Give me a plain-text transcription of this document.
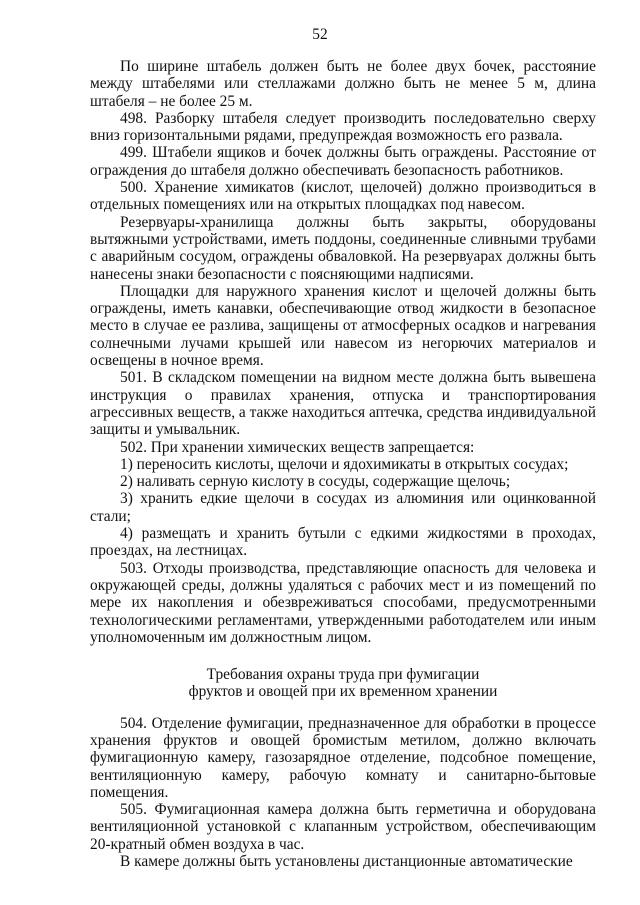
52

По ширине штабель должен быть не более двух бочек, расстояние между штабелями или стеллажами должно быть не менее 5 м, длина штабеля – не более 25 м.

498. Разборку штабеля следует производить последовательно сверху вниз горизонтальными рядами, предупреждая возможность его развала.

499. Штабели ящиков и бочек должны быть ограждены. Расстояние от ограждения до штабеля должно обеспечивать безопасность работников.

500. Хранение химикатов (кислот, щелочей) должно производиться в отдельных помещениях или на открытых площадках под навесом.

Резервуары-хранилища должны быть закрыты, оборудованы вытяжными устройствами, иметь поддоны, соединенные сливными трубами с аварийным сосудом, ограждены обваловкой. На резервуарах должны быть нанесены знаки безопасности с поясняющими надписями.

Площадки для наружного хранения кислот и щелочей должны быть ограждены, иметь канавки, обеспечивающие отвод жидкости в безопасное место в случае ее разлива, защищены от атмосферных осадков и нагревания солнечными лучами крышей или навесом из негорючих материалов и освещены в ночное время.

501. В складском помещении на видном месте должна быть вывешена инструкция о правилах хранения, отпуска и транспортирования агрессивных веществ, а также находиться аптечка, средства индивидуальной защиты и умывальник.

502. При хранении химических веществ запрещается:

1) переносить кислоты, щелочи и ядохимикаты в открытых сосудах;

2) наливать серную кислоту в сосуды, содержащие щелочь;

3) хранить едкие щелочи в сосудах из алюминия или оцинкованной стали;

4) размещать и хранить бутыли с едкими жидкостями в проходах, проездах, на лестницах.

503. Отходы производства, представляющие опасность для человека и окружающей среды, должны удаляться с рабочих мест и из помещений по мере их накопления и обезвреживаться способами, предусмотренными технологическими регламентами, утвержденными работодателем или иным уполномоченным им должностным лицом.

Требования охраны труда при фумигации
фруктов и овощей при их временном хранении

504. Отделение фумигации, предназначенное для обработки в процессе хранения фруктов и овощей бромистым метилом, должно включать фумигационную камеру, газозарядное отделение, подсобное помещение, вентиляционную камеру, рабочую комнату и санитарно-бытовые помещения.

505. Фумигационная камера должна быть герметична и оборудована вентиляционной установкой с клапанным устройством, обеспечивающим 20-кратный обмен воздуха в час.

В камере должны быть установлены дистанционные автоматические
